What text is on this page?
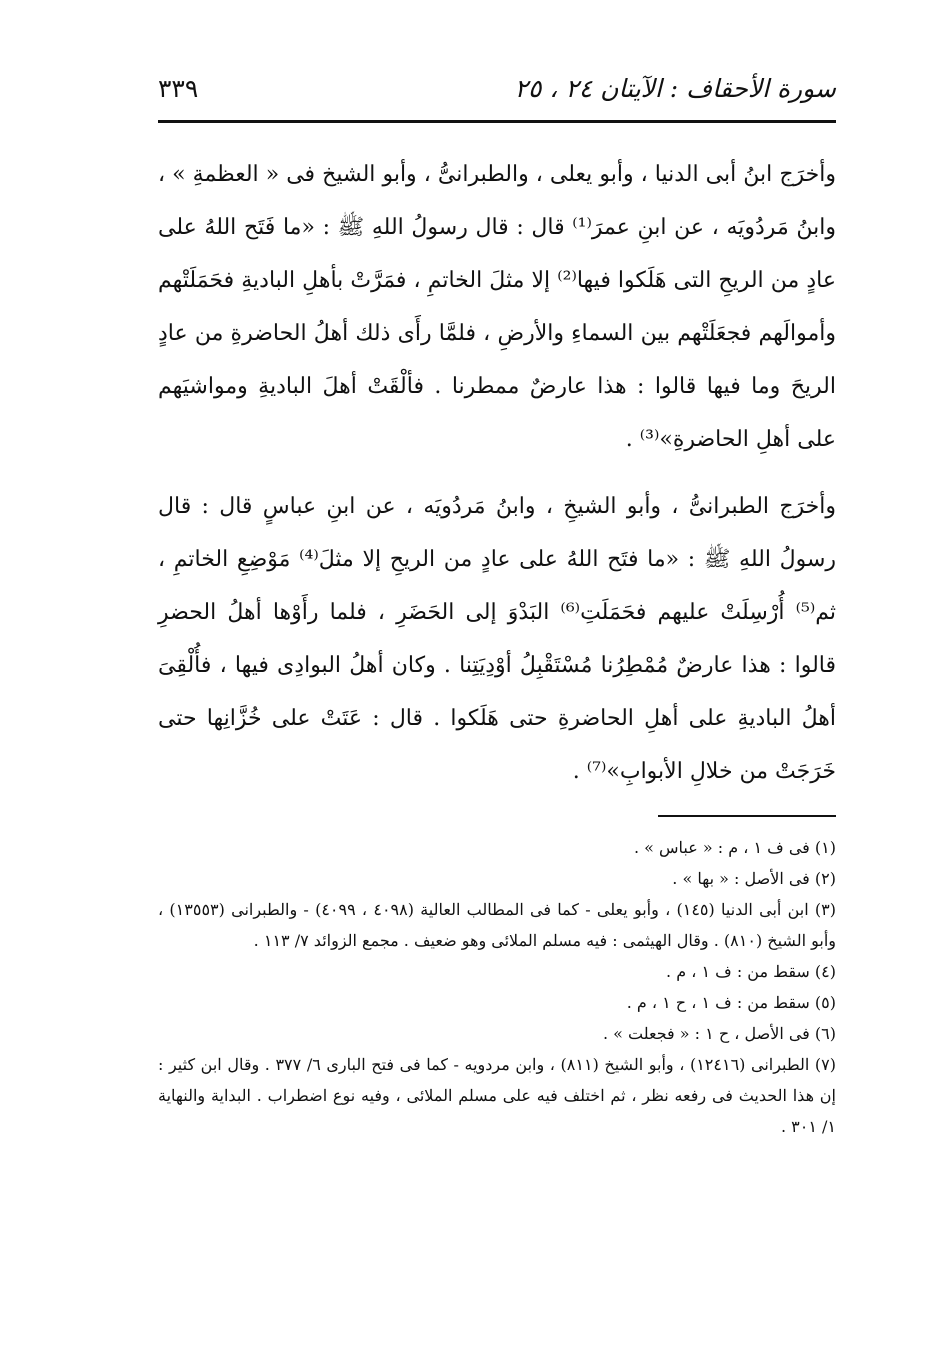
سورة الأحقاف : الآيتان ٢٤ ، ٢٥
٣٣٩

وأخرَج ابنُ أبى الدنيا ، وأبو يعلى ، والطبرانىُّ ، وأبو الشيخ فى « العظمةِ » ، وابنُ مَردُويَه ، عن ابنِ عمرَ⁽¹⁾ قال : قال رسولُ اللهِ ﷺ : «ما فَتَح اللهُ على عادٍ من الريحِ التى هَلَكوا فيها⁽²⁾ إلا مثلَ الخاتمِ ، فمَرَّتْ بأهلِ الباديةِ فحَمَلَتْهم وأموالَهم فجعَلَتْهم بين السماءِ والأرضِ ، فلمَّا رأَى ذلك أهلُ الحاضرةِ من عادٍ الريحَ وما فيها قالوا : هذا عارضٌ ممطرنا . فألْقَتْ أهلَ الباديةِ ومواشيَهم على أهلِ الحاضرةِ»⁽³⁾ .

وأخرَج الطبرانىُّ ، وأبو الشيخِ ، وابنُ مَردُويَه ، عن ابنِ عباسٍ قال : قال رسولُ اللهِ ﷺ : «ما فتَح اللهُ على عادٍ من الريحِ إلا مثلَ⁽⁴⁾ مَوْضِعِ الخاتمِ ، ثم⁽⁵⁾ أُرْسِلَتْ عليهم فحَمَلَتِ⁽⁶⁾ البَدْوَ إلى الحَضَرِ ، فلما رأَوْها أهلُ الحضرِ قالوا : هذا عارضٌ مُمْطِرُنا مُسْتَقْبِلُ أوْدِيَتِنا . وكان أهلُ البوادِى فيها ، فأُلْقِىَ أهلُ الباديةِ على أهلِ الحاضرةِ حتى هَلَكوا . قال : عَتَتْ على خُزَّانِها حتى خَرَجَتْ من خلالِ الأبوابِ»⁽⁷⁾ .

(١) فى ف ١ ، م : « عباس » .

(٢) فى الأصل : « بها » .

(٣) ابن أبى الدنيا (١٤٥) ، وأبو يعلى - كما فى المطالب العالية (٤٠٩٨ ، ٤٠٩٩) - والطبرانى (١٣٥٥٣) ، وأبو الشيخ (٨١٠) . وقال الهيثمى : فيه مسلم الملائى وهو ضعيف . مجمع الزوائد ٧/ ١١٣ .

(٤) سقط من : ف ١ ، م .

(٥) سقط من : ف ١ ، ح ١ ، م .

(٦) فى الأصل ، ح ١ : « فجعلت » .

(٧) الطبرانى (١٢٤١٦) ، وأبو الشيخ (٨١١) ، وابن مردويه - كما فى فتح البارى ٦/ ٣٧٧ . وقال ابن كثير : إن هذا الحديث فى رفعه نظر ، ثم اختلف فيه على مسلم الملائى ، وفيه نوع اضطراب . البداية والنهاية ١/ ٣٠١ .
